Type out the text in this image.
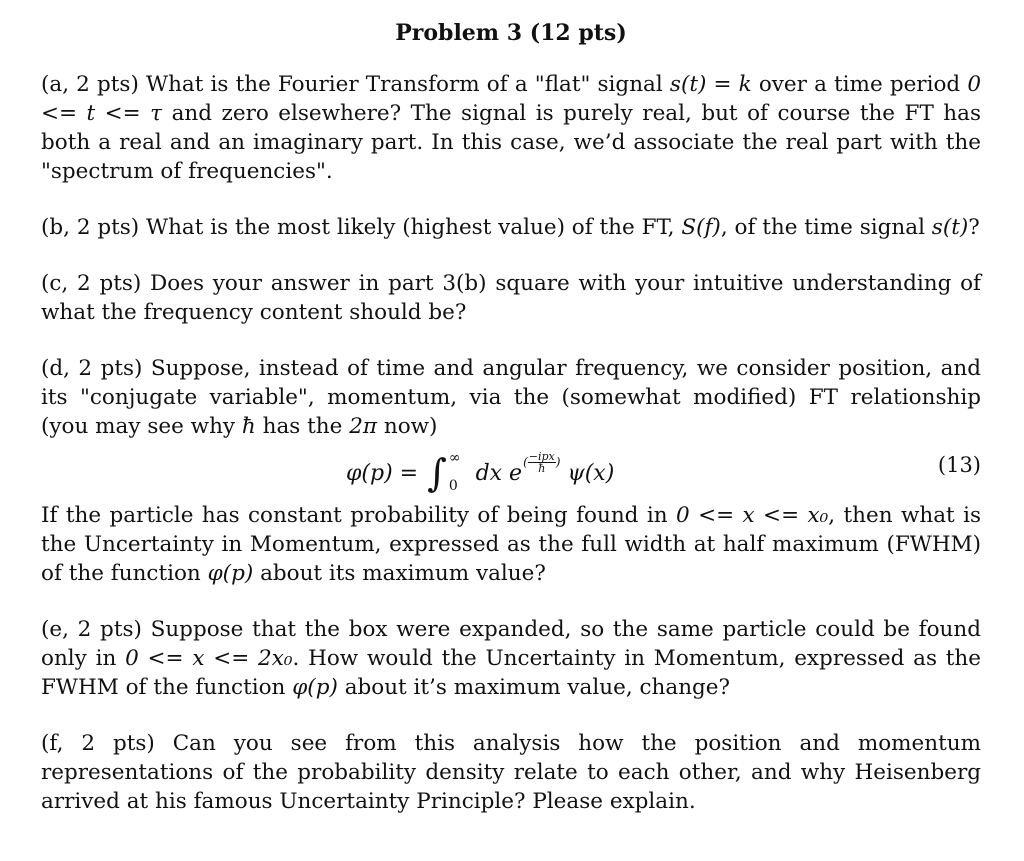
Problem 3 (12 pts)

(a, 2 pts) What is the Fourier Transform of a "flat" signal s(t) = k over a time period 0 <= t <= τ and zero elsewhere? The signal is purely real, but of course the FT has both a real and an imaginary part. In this case, we’d associate the real part with the "spectrum of frequencies".

(b, 2 pts) What is the most likely (highest value) of the FT, S(f), of the time signal s(t)?

(c, 2 pts) Does your answer in part 3(b) square with your intuitive understanding of what the frequency content should be?

(d, 2 pts) Suppose, instead of time and angular frequency, we consider position, and its "conjugate variable", momentum, via the (somewhat modified) FT relationship (you may see why ħ has the 2π now)

φ(p) = ∫ ∞
0 dx $e^{( \frac{\text{−ipx}}{ħ} )}$ ψ(x)	(13)

If the particle has constant probability of being found in 0 <= x <= x₀, then what is the Uncertainty in Momentum, expressed as the full width at half maximum (FWHM) of the function φ(p) about its maximum value?

(e, 2 pts) Suppose that the box were expanded, so the same particle could be found only in 0 <= x <= 2x₀. How would the Uncertainty in Momentum, expressed as the FWHM of the function φ(p) about it’s maximum value, change?

(f, 2 pts) Can you see from this analysis how the position and momentum representations of the probability density relate to each other, and why Heisenberg arrived at his famous Uncertainty Principle? Please explain.
